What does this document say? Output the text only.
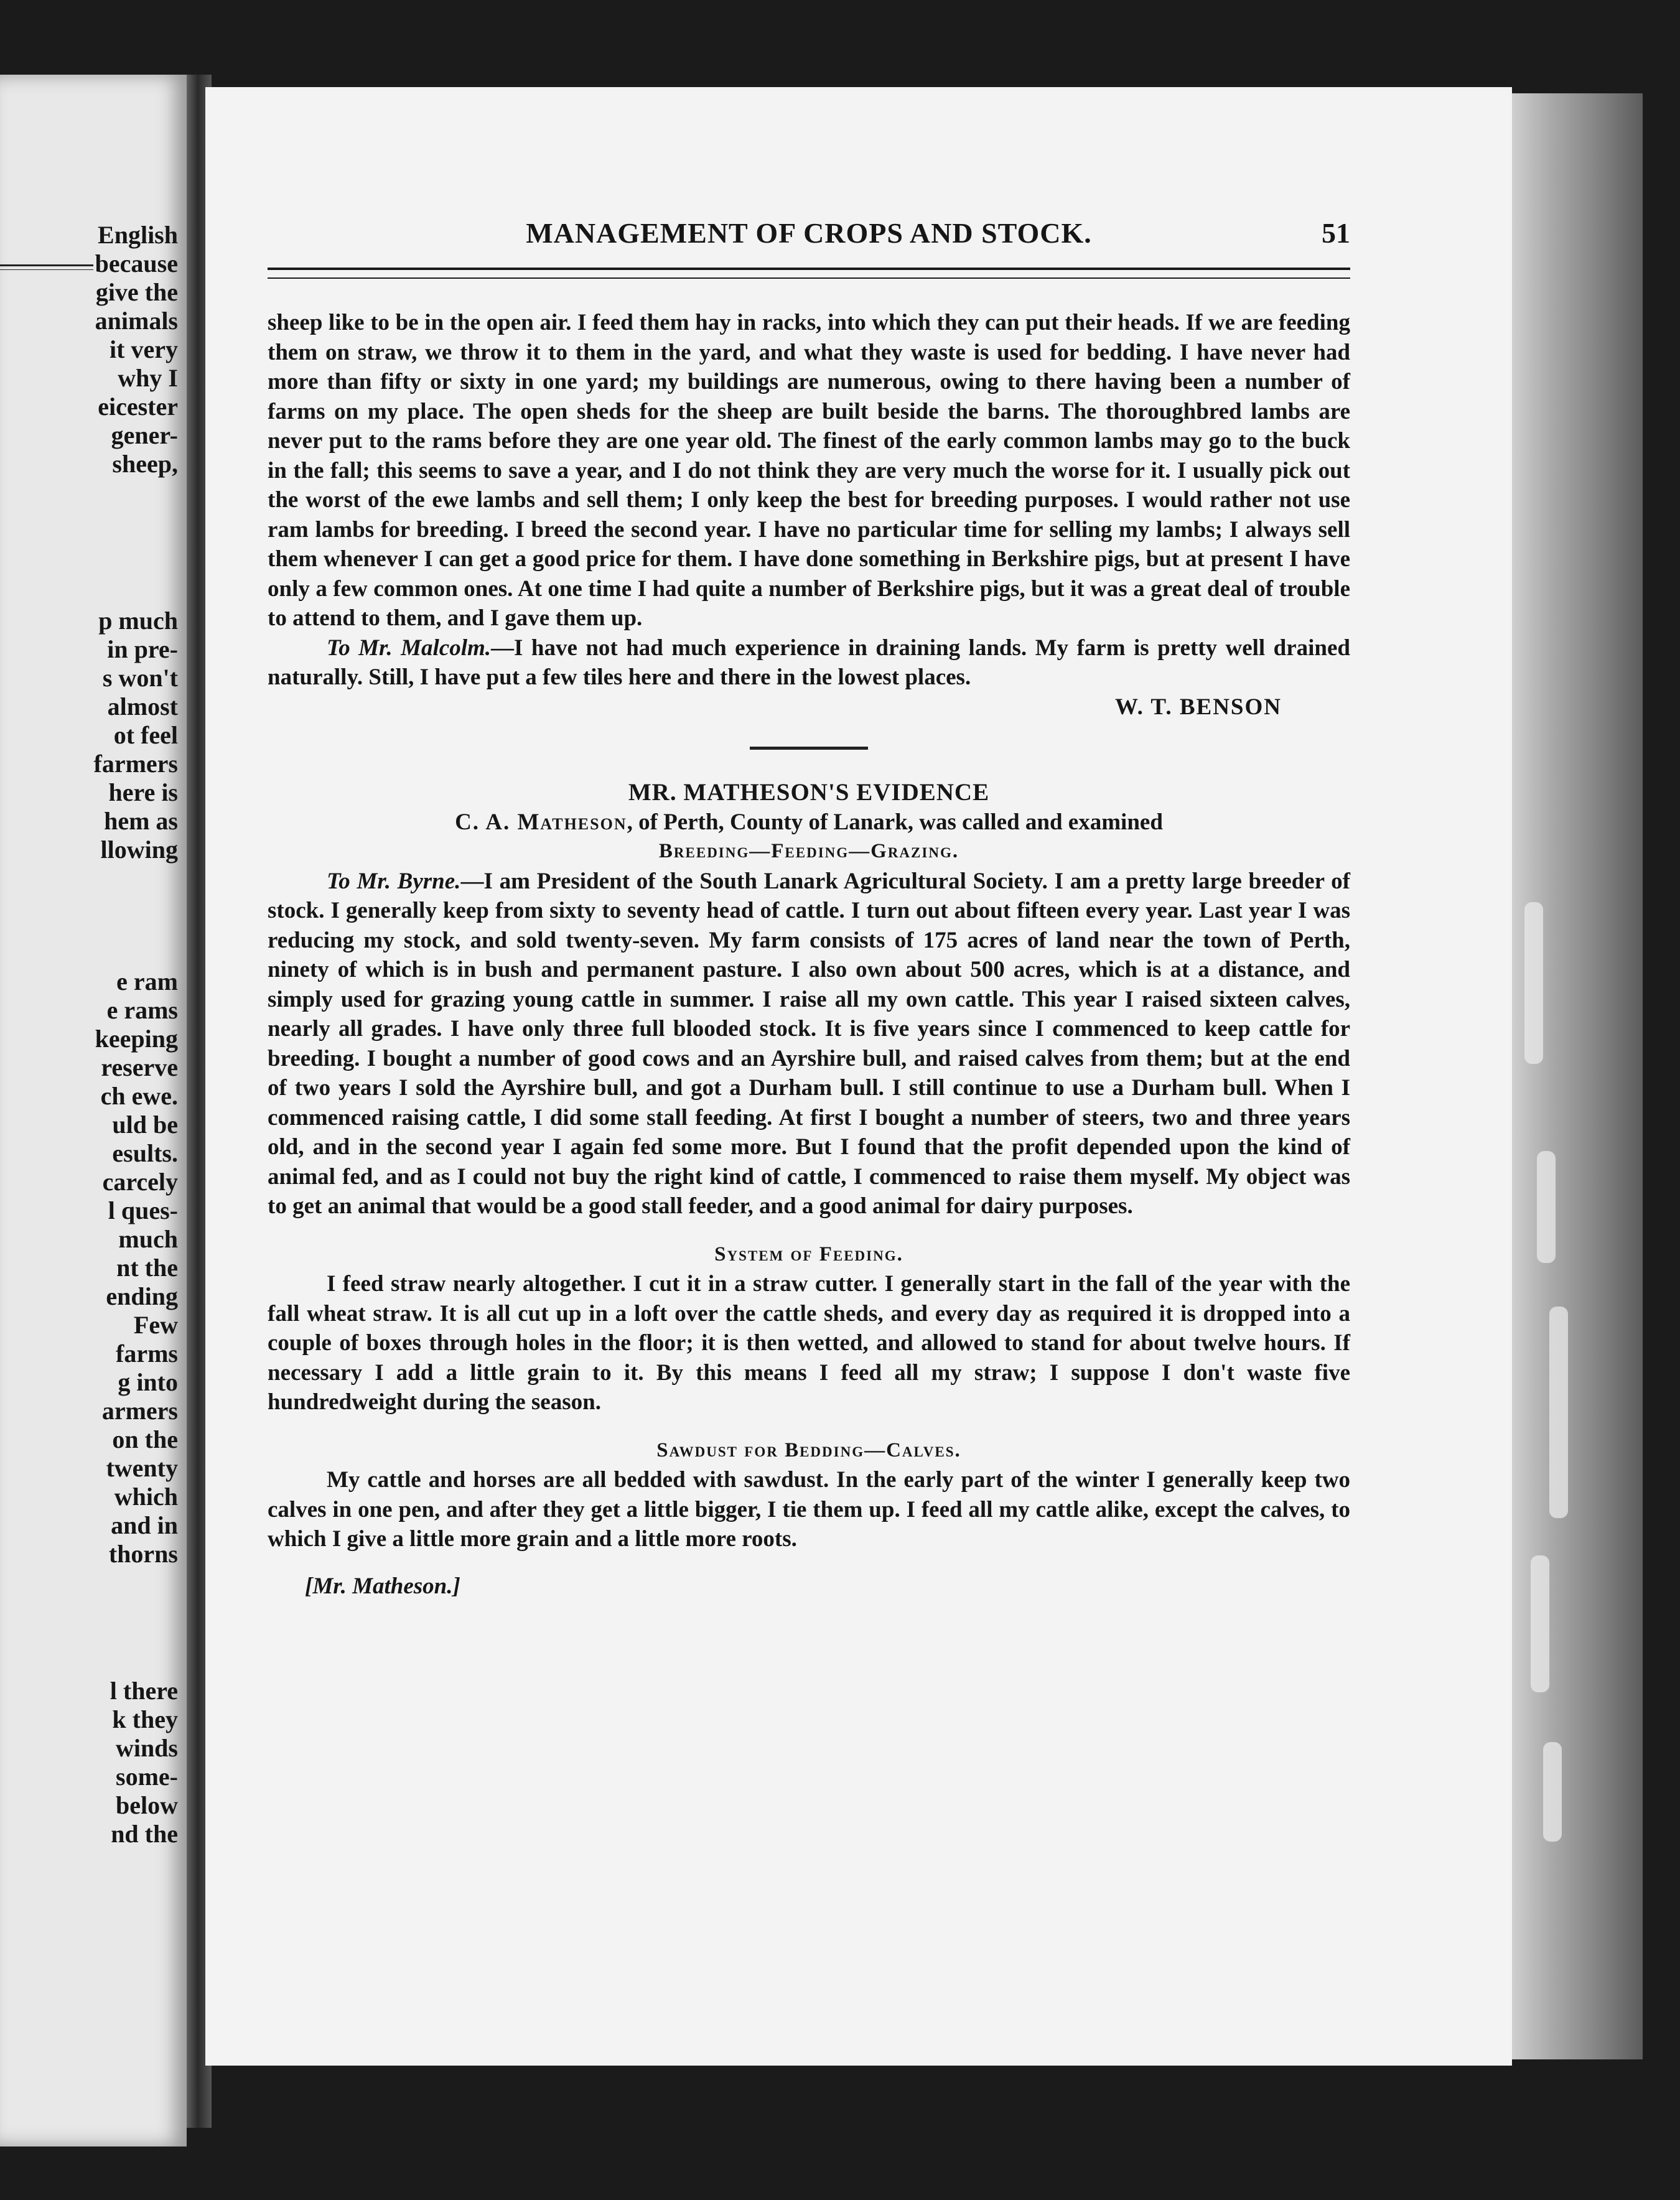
English
because
give the
animals
it very
why I
eicester
gener-
sheep,
p much
in pre-
s won't
almost
ot feel
farmers
here is
hem as
llowing
e ram
e rams
keeping
reserve
ch ewe.
uld be
esults.
carcely
l ques-
much
nt the
ending
Few
farms
g into
armers
on the
twenty
which
and in
thorns
l there
k they
winds
some-
below
nd the
MANAGEMENT OF CROPS AND STOCK.	51

sheep like to be in the open air. I feed them hay in racks, into which they can put their heads. If we are feeding them on straw, we throw it to them in the yard, and what they waste is used for bedding. I have never had more than fifty or sixty in one yard; my buildings are numerous, owing to there having been a number of farms on my place. The open sheds for the sheep are built beside the barns. The thoroughbred lambs are never put to the rams before they are one year old. The finest of the early common lambs may go to the buck in the fall; this seems to save a year, and I do not think they are very much the worse for it. I usually pick out the worst of the ewe lambs and sell them; I only keep the best for breeding purposes. I would rather not use ram lambs for breeding. I breed the second year. I have no particular time for selling my lambs; I always sell them whenever I can get a good price for them. I have done something in Berkshire pigs, but at present I have only a few common ones. At one time I had quite a number of Berkshire pigs, but it was a great deal of trouble to attend to them, and I gave them up.

To Mr. Malcolm.—I have not had much experience in draining lands. My farm is pretty well drained naturally. Still, I have put a few tiles here and there in the lowest places.

W. T. BENSON

MR. MATHESON'S EVIDENCE

C. A. Matheson, of Perth, County of Lanark, was called and examined

Breeding—Feeding—Grazing.

To Mr. Byrne.—I am President of the South Lanark Agricultural Society. I am a pretty large breeder of stock. I generally keep from sixty to seventy head of cattle. I turn out about fifteen every year. Last year I was reducing my stock, and sold twenty-seven. My farm consists of 175 acres of land near the town of Perth, ninety of which is in bush and permanent pasture. I also own about 500 acres, which is at a distance, and simply used for grazing young cattle in summer. I raise all my own cattle. This year I raised sixteen calves, nearly all grades. I have only three full blooded stock. It is five years since I commenced to keep cattle for breeding. I bought a number of good cows and an Ayrshire bull, and raised calves from them; but at the end of two years I sold the Ayrshire bull, and got a Durham bull. I still continue to use a Durham bull. When I commenced raising cattle, I did some stall feeding. At first I bought a number of steers, two and three years old, and in the second year I again fed some more. But I found that the profit depended upon the kind of animal fed, and as I could not buy the right kind of cattle, I commenced to raise them myself. My object was to get an animal that would be a good stall feeder, and a good animal for dairy purposes.

System of Feeding.

I feed straw nearly altogether. I cut it in a straw cutter. I generally start in the fall of the year with the fall wheat straw. It is all cut up in a loft over the cattle sheds, and every day as required it is dropped into a couple of boxes through holes in the floor; it is then wetted, and allowed to stand for about twelve hours. If necessary I add a little grain to it. By this means I feed all my straw; I suppose I don't waste five hundredweight during the season.

Sawdust for Bedding—Calves.

My cattle and horses are all bedded with sawdust. In the early part of the winter I generally keep two calves in one pen, and after they get a little bigger, I tie them up. I feed all my cattle alike, except the calves, to which I give a little more grain and a little more roots.

[Mr. Matheson.]
